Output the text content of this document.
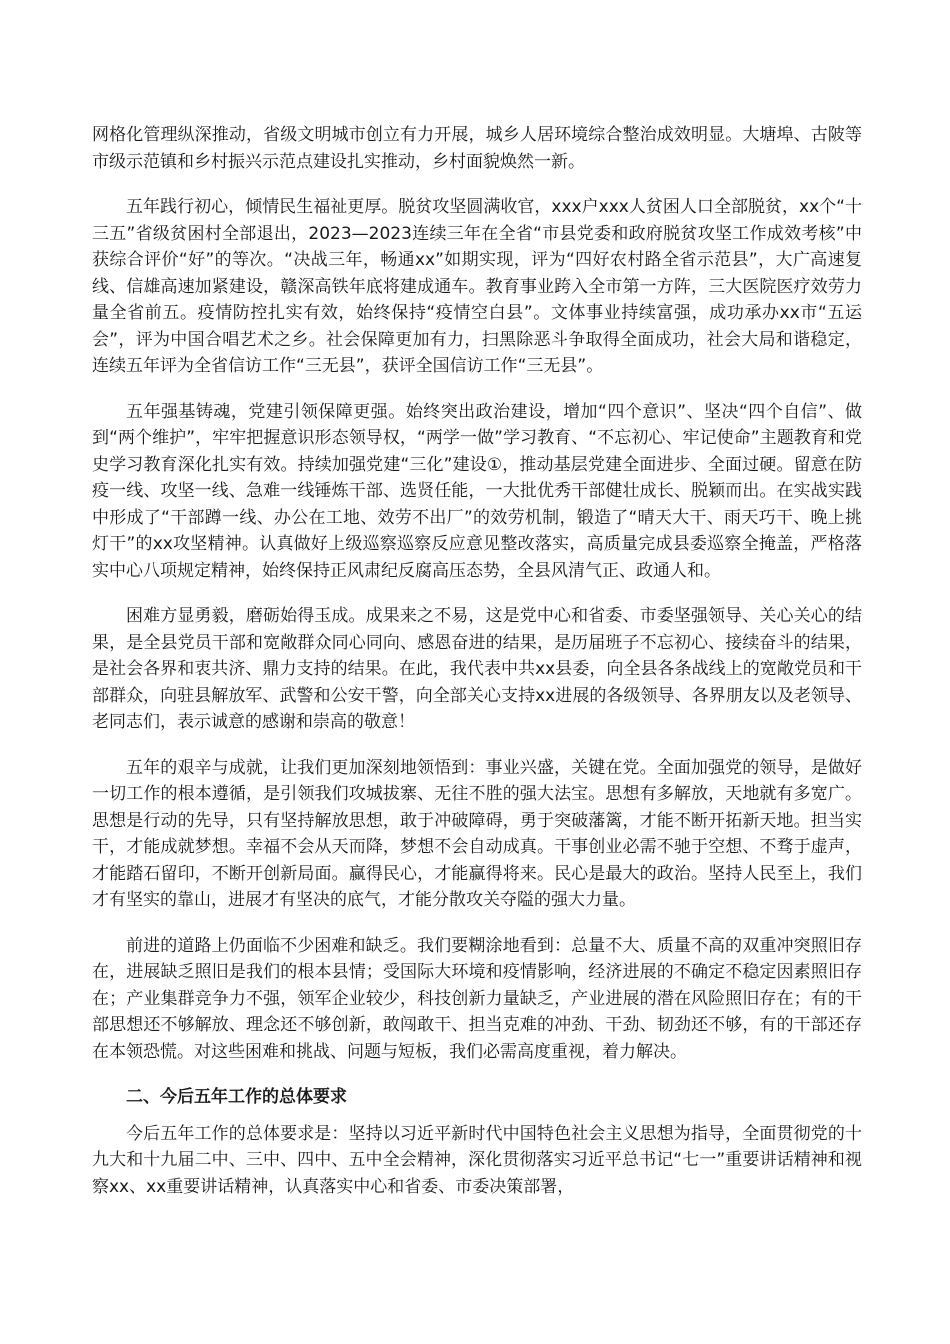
网格化管理纵深推动，省级文明城市创立有力开展，城乡人居环境综合整治成效明显。大塘埠、古陂等市级示范镇和乡村振兴示范点建设扎实推动，乡村面貌焕然一新。

五年践行初心，倾情民生福祉更厚。脱贫攻坚圆满收官，xxx户xxx人贫困人口全部脱贫，xx个“十三五”省级贫困村全部退出，2023—2023连续三年在全省“市县党委和政府脱贫攻坚工作成效考核”中获综合评价“好”的等次。“决战三年，畅通xx”如期实现，评为“四好农村路全省示范县”，大广高速复线、信雄高速加紧建设，赣深高铁年底将建成通车。教育事业跨入全市第一方阵，三大医院医疗效劳力量全省前五。疫情防控扎实有效，始终保持“疫情空白县”。文体事业持续富强，成功承办xx市“五运会”，评为中国合唱艺术之乡。社会保障更加有力，扫黑除恶斗争取得全面成功，社会大局和谐稳定，连续五年评为全省信访工作“三无县”，获评全国信访工作“三无县”。

五年强基铸魂，党建引领保障更强。始终突出政治建设，增加“四个意识”、坚决“四个自信”、做到“两个维护”，牢牢把握意识形态领导权，“两学一做”学习教育、“不忘初心、牢记使命”主题教育和党史学习教育深化扎实有效。持续加强党建“三化”建设①，推动基层党建全面进步、全面过硬。留意在防疫一线、攻坚一线、急难一线锤炼干部、选贤任能，一大批优秀干部健壮成长、脱颖而出。在实战实践中形成了“干部蹲一线、办公在工地、效劳不出厂”的效劳机制，锻造了“晴天大干、雨天巧干、晚上挑灯干”的xx攻坚精神。认真做好上级巡察巡察反应意见整改落实，高质量完成县委巡察全掩盖，严格落实中心八项规定精神，始终保持正风肃纪反腐高压态势，全县风清气正、政通人和。

困难方显勇毅，磨砺始得玉成。成果来之不易，这是党中心和省委、市委坚强领导、关心关心的结果，是全县党员干部和宽敞群众同心同向、感恩奋进的结果，是历届班子不忘初心、接续奋斗的结果，是社会各界和衷共济、鼎力支持的结果。在此，我代表中共xx县委，向全县各条战线上的宽敞党员和干部群众，向驻县解放军、武警和公安干警，向全部关心支持xx进展的各级领导、各界朋友以及老领导、老同志们，表示诚意的感谢和崇高的敬意！

五年的艰辛与成就，让我们更加深刻地领悟到：事业兴盛，关键在党。全面加强党的领导，是做好一切工作的根本遵循，是引领我们攻城拔寨、无往不胜的强大法宝。思想有多解放，天地就有多宽广。思想是行动的先导，只有坚持解放思想，敢于冲破障碍，勇于突破藩篱，才能不断开拓新天地。担当实干，才能成就梦想。幸福不会从天而降，梦想不会自动成真。干事创业必需不驰于空想、不骛于虚声，才能踏石留印，不断开创新局面。赢得民心，才能赢得将来。民心是最大的政治。坚持人民至上，我们才有坚实的靠山，进展才有坚决的底气，才能分散攻关夺隘的强大力量。

前进的道路上仍面临不少困难和缺乏。我们要糊涂地看到：总量不大、质量不高的双重冲突照旧存在，进展缺乏照旧是我们的根本县情；受国际大环境和疫情影响，经济进展的不确定不稳定因素照旧存在；产业集群竞争力不强，领军企业较少，科技创新力量缺乏，产业进展的潜在风险照旧存在；有的干部思想还不够解放、理念还不够创新，敢闯敢干、担当克难的冲劲、干劲、韧劲还不够，有的干部还存在本领恐慌。对这些困难和挑战、问题与短板，我们必需高度重视，着力解决。

二、今后五年工作的总体要求

今后五年工作的总体要求是：坚持以习近平新时代中国特色社会主义思想为指导，全面贯彻党的十九大和十九届二中、三中、四中、五中全会精神，深化贯彻落实习近平总书记“七一”重要讲话精神和视察xx、xx重要讲话精神，认真落实中心和省委、市委决策部署，
